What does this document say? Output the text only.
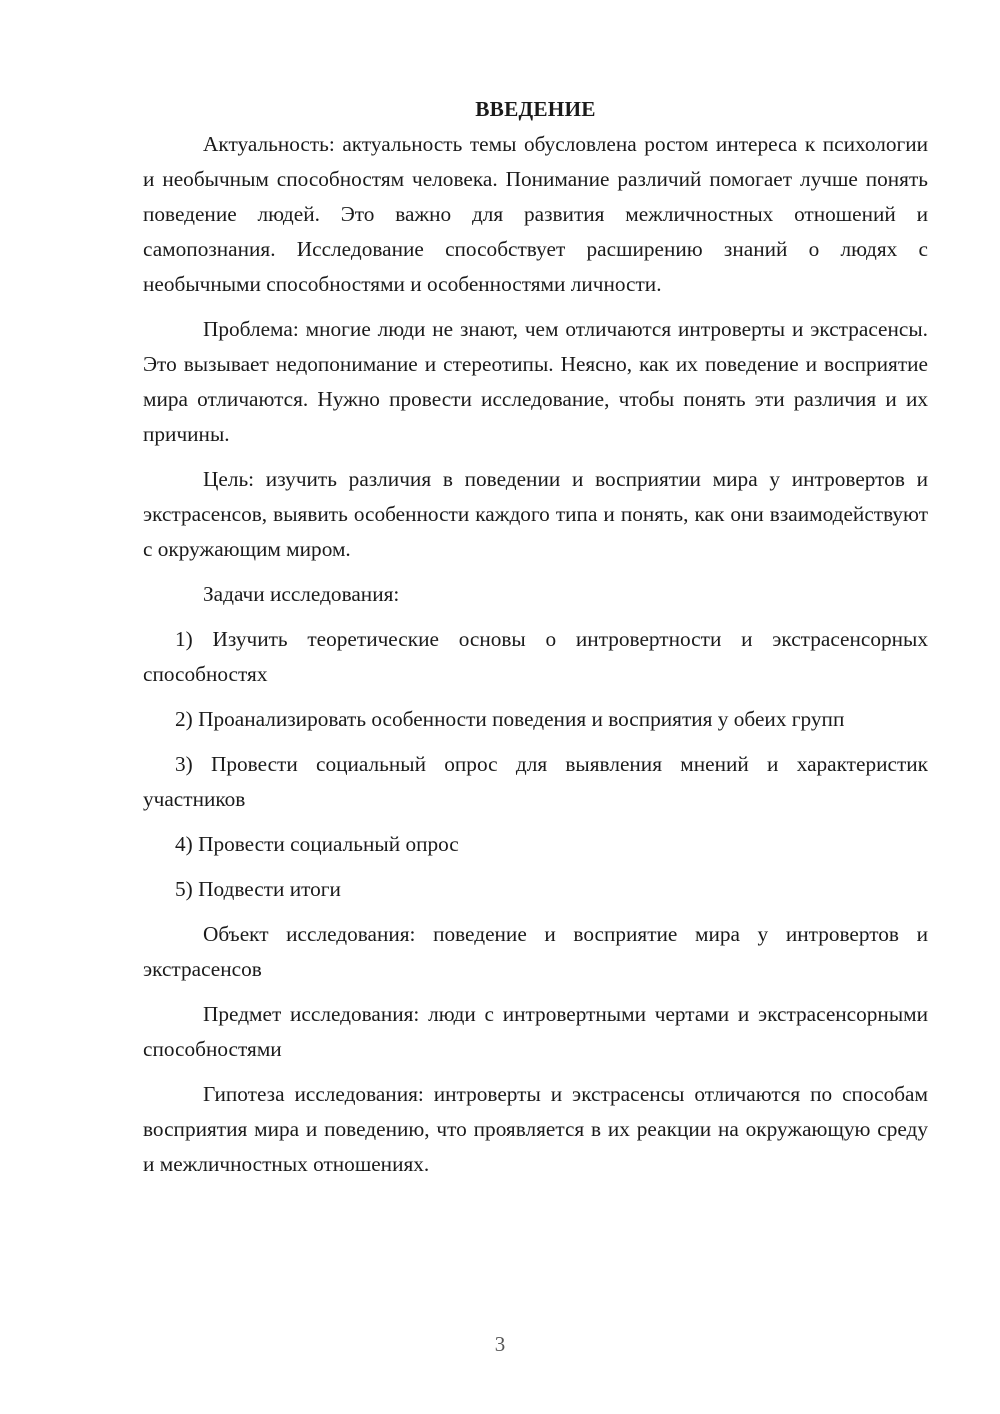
ВВЕДЕНИЕ

Актуальность: актуальность темы обусловлена ростом интереса к психологии и необычным способностям человека. Понимание различий помогает лучше понять поведение людей. Это важно для развития межличностных отношений и самопознания. Исследование способствует расширению знаний о людях с необычными способностями и особенностями личности.

Проблема: многие люди не знают, чем отличаются интроверты и экстрасенсы. Это вызывает недопонимание и стереотипы. Неясно, как их поведение и восприятие мира отличаются. Нужно провести исследование, чтобы понять эти различия и их причины.

Цель: изучить различия в поведении и восприятии мира у интровертов и экстрасенсов, выявить особенности каждого типа и понять, как они взаимодействуют с окружающим миром.

Задачи исследования:

1) Изучить теоретические основы о интровертности и экстрасенсорных способностях

2) Проанализировать особенности поведения и восприятия у обеих групп

3) Провести социальный опрос для выявления мнений и характеристик участников

4) Провести социальный опрос

5) Подвести итоги

Объект исследования: поведение и восприятие мира у интровертов и экстрасенсов

Предмет исследования: люди с интровертными чертами и экстрасенсорными способностями

Гипотеза исследования: интроверты и экстрасенсы отличаются по способам восприятия мира и поведению, что проявляется в их реакции на окружающую среду и межличностных отношениях.

3
